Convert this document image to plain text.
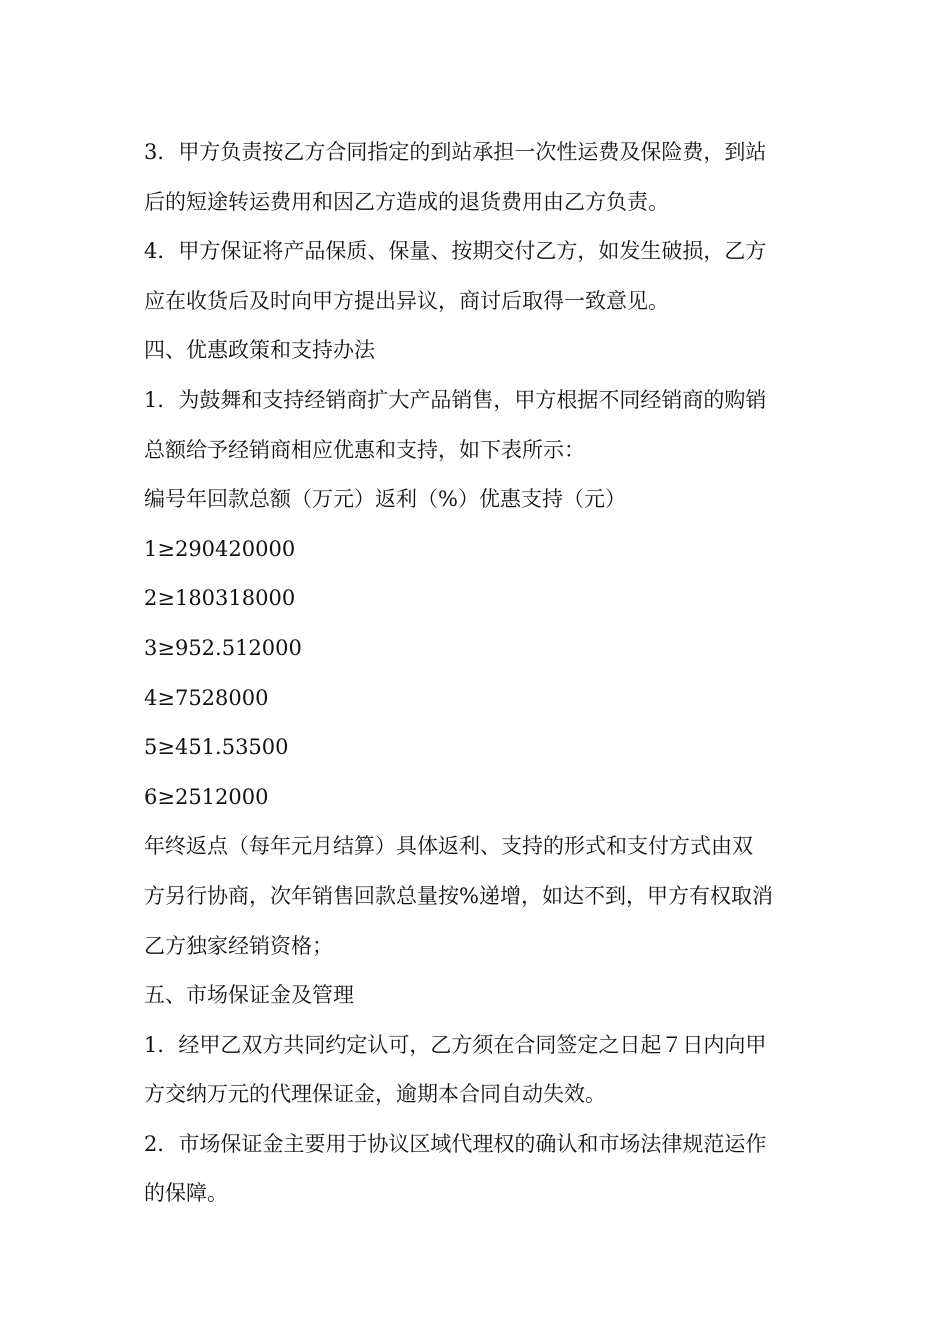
3．甲方负责按乙方合同指定的到站承担一次性运费及保险费，到站
后的短途转运费用和因乙方造成的退货费用由乙方负责。
4．甲方保证将产品保质、保量、按期交付乙方，如发生破损，乙方
应在收货后及时向甲方提出异议，商讨后取得一致意见。
四、优惠政策和支持办法
1．为鼓舞和支持经销商扩大产品销售，甲方根据不同经销商的购销
总额给予经销商相应优惠和支持，如下表所示：
编号年回款总额（万元）返利（%）优惠支持（元）
1≥290420000
2≥180318000
3≥952.512000
4≥7528000
5≥451.53500
6≥2512000
年终返点（每年元月结算）具体返利、支持的形式和支付方式由双
方另行协商，次年销售回款总量按%递增，如达不到，甲方有权取消
乙方独家经销资格；
五、市场保证金及管理
1．经甲乙双方共同约定认可，乙方须在合同签定之日起７日内向甲
方交纳万元的代理保证金，逾期本合同自动失效。
2．市场保证金主要用于协议区域代理权的确认和市场法律规范运作
的保障。
